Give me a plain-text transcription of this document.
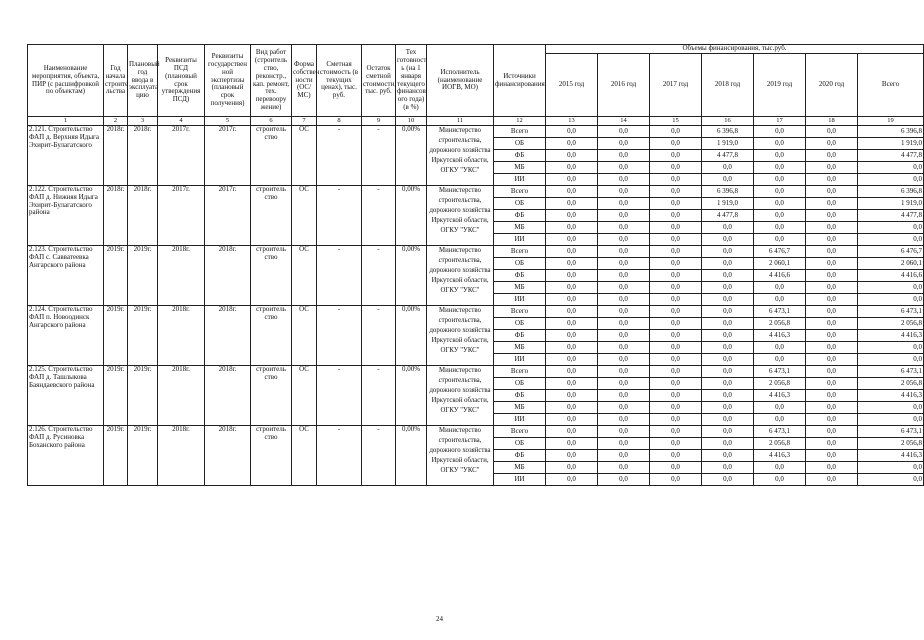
Наименование мероприятия, объекта, ПИР (с расшифровкой по объектам)	Год начала строите льства	Плановый год ввода в эксплуата цию	Реквизиты ПСД (плановый срок утверждения ПСД)	Реквизиты государствен ной экспертизы (плановый срок получения)	Вид работ (строитель ство, реконстр., кап. ремонт, тех. перевоору жение)	Форма собствен ности (ОС/МС)	Сметная стоимость (в текущих ценах), тыс. руб.	Остаток сметной стоимости, тыс. руб.	Тех готовност ь (на 1 января текущего финансов ого года) (в %)	Исполнитель (наименование ИОГВ, МО)	Источники финансирования	Объемы финансирования, тыс.руб.						
												2015 год	2016 год	2017 год	2018 год	2019 год	2020 год	Всего
1	2	3	4	5	6	7	8	9	10	11	12	13	14	15	16	17	18	19
2.121. Строительство ФАП д. Верхняя Идыга Эхирит-Булагатского	2018г.	2018г.	2017г.	2017г.	строитель ство	ОС	-	-	0,00%	Министерство строительства, дорожного хозяйства Иркутской области, ОГКУ "УКС"	Всего	0,0	0,0	0,0	6 396,8	0,0	0,0	6 396,8
											ОБ	0,0	0,0	0,0	1 919,0	0,0	0,0	1 919,0
											ФБ	0,0	0,0	0,0	4 477,8	0,0	0,0	4 477,8
											МБ	0,0	0,0	0,0	0,0	0,0	0,0	0,0
											ИИ	0,0	0,0	0,0	0,0	0,0	0,0	0,0
2.122. Строительство ФАП д. Нижняя Идыга Эхирит-Булагатского района	2018г.	2018г.	2017г.	2017г.	строитель ство	ОС	-	-	0,00%	Министерство строительства, дорожного хозяйства Иркутской области, ОГКУ "УКС"	Всего	0,0	0,0	0,0	6 396,8	0,0	0,0	6 396,8
											ОБ	0,0	0,0	0,0	1 919,0	0,0	0,0	1 919,0
											ФБ	0,0	0,0	0,0	4 477,8	0,0	0,0	4 477,8
											МБ	0,0	0,0	0,0	0,0	0,0	0,0	0,0
											ИИ	0,0	0,0	0,0	0,0	0,0	0,0	0,0
2.123. Строительство ФАП с. Савватеевка Ангарского района	2019г.	2019г.	2018г.	2018г.	строитель ство	ОС	-	-	0,00%	Министерство строительства, дорожного хозяйства Иркутской области, ОГКУ "УКС"	Всего	0,0	0,0	0,0	0,0	6 476,7	0,0	6 476,7
											ОБ	0,0	0,0	0,0	0,0	2 060,1	0,0	2 060,1
											ФБ	0,0	0,0	0,0	0,0	4 416,6	0,0	4 416,6
											МБ	0,0	0,0	0,0	0,0	0,0	0,0	0,0
											ИИ	0,0	0,0	0,0	0,0	0,0	0,0	0,0
2.124. Строительство ФАП п. Новоодинск Ангарского района	2019г.	2019г.	2018г.	2018г.	строитель ство	ОС	-	-	0,00%	Министерство строительства, дорожного хозяйства Иркутской области, ОГКУ "УКС"	Всего	0,0	0,0	0,0	0,0	6 473,1	0,0	6 473,1
											ОБ	0,0	0,0	0,0	0,0	2 056,8	0,0	2 056,8
											ФБ	0,0	0,0	0,0	0,0	4 416,3	0,0	4 416,3
											МБ	0,0	0,0	0,0	0,0	0,0	0,0	0,0
											ИИ	0,0	0,0	0,0	0,0	0,0	0,0	0,0
2.125. Строительство ФАП д. Ташлыкова Баяндаевского района	2019г.	2019г.	2018г.	2018г.	строитель ство	ОС	-	-	0,00%	Министерство строительства, дорожного хозяйства Иркутской области, ОГКУ "УКС"	Всего	0,0	0,0	0,0	0,0	6 473,1	0,0	6 473,1
											ОБ	0,0	0,0	0,0	0,0	2 056,8	0,0	2 056,8
											ФБ	0,0	0,0	0,0	0,0	4 416,3	0,0	4 416,3
											МБ	0,0	0,0	0,0	0,0	0,0	0,0	0,0
											ИИ	0,0	0,0	0,0	0,0	0,0	0,0	0,0
2.126. Строительство ФАП д. Русиновка Боханского района	2019г.	2019г.	2018г.	2018г.	строитель ство	ОС	-	-	0,00%	Министерство строительства, дорожного хозяйства Иркутской области, ОГКУ "УКС"	Всего	0,0	0,0	0,0	0,0	6 473,1	0,0	6 473,1
											ОБ	0,0	0,0	0,0	0,0	2 056,8	0,0	2 056,8
											ФБ	0,0	0,0	0,0	0,0	4 416,3	0,0	4 416,3
											МБ	0,0	0,0	0,0	0,0	0,0	0,0	0,0
											ИИ	0,0	0,0	0,0	0,0	0,0	0,0	0,0
24
